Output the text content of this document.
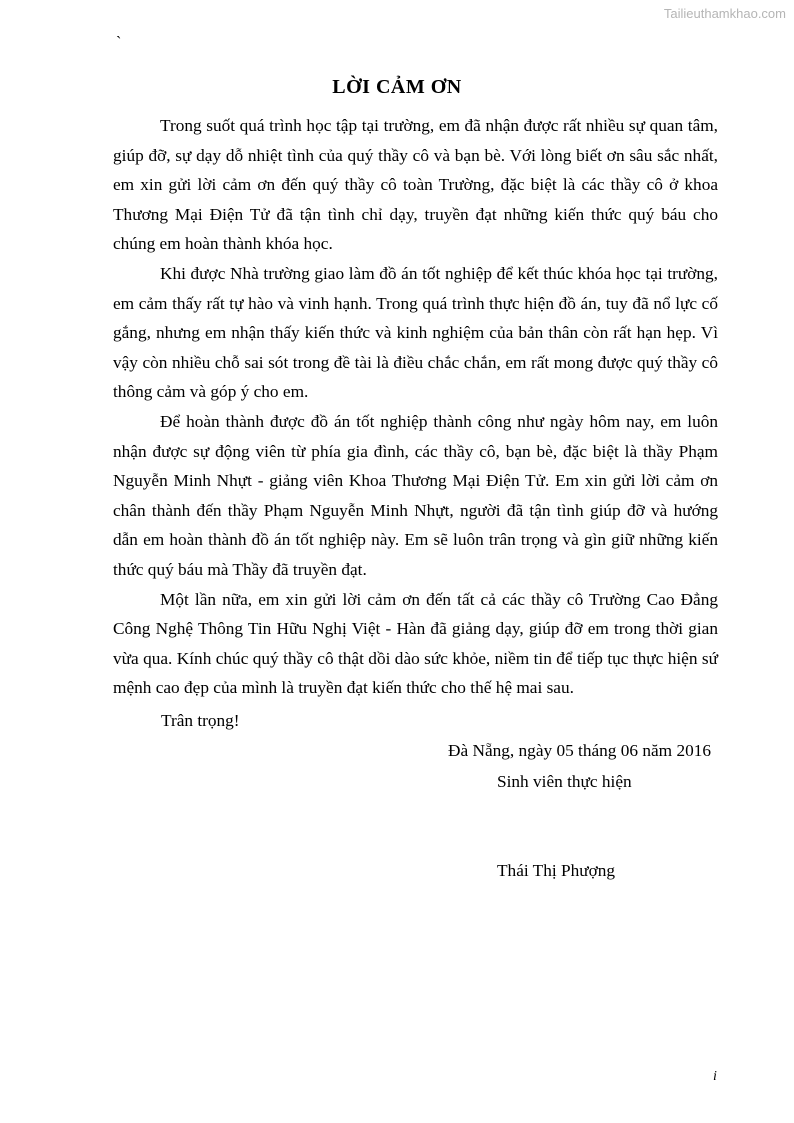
Tailieuthamkhao.com
`
LỜI CẢM ƠN

Trong suốt quá trình học tập tại trường, em đã nhận được rất nhiều sự quan tâm, giúp đỡ, sự dạy dỗ nhiệt tình của quý thầy cô và bạn bè. Với lòng biết ơn sâu sắc nhất, em xin gửi lời cảm ơn đến quý thầy cô toàn Trường, đặc biệt là các thầy cô ở khoa Thương Mại Điện Tử đã tận tình chỉ dạy, truyền đạt những kiến thức quý báu cho chúng em hoàn thành khóa học.

Khi được Nhà trường giao làm đồ án tốt nghiệp để kết thúc khóa học tại trường, em cảm thấy rất tự hào và vinh hạnh. Trong quá trình thực hiện đồ án, tuy đã nổ lực cố gắng, nhưng em nhận thấy kiến thức và kinh nghiệm của bản thân còn rất hạn hẹp. Vì vậy còn nhiều chỗ sai sót trong đề tài là điều chắc chắn, em rất mong được quý thầy cô thông cảm và góp ý cho em.

Để hoàn thành được đồ án tốt nghiệp thành công như ngày hôm nay, em luôn nhận được sự động viên từ phía gia đình, các thầy cô, bạn bè, đặc biệt là thầy Phạm Nguyễn Minh Nhựt - giảng viên Khoa Thương Mại Điện Tử. Em xin gửi lời cảm ơn chân thành đến thầy Phạm Nguyễn Minh Nhựt, người đã tận tình giúp đỡ và hướng dẫn em hoàn thành đồ án tốt nghiệp này. Em sẽ luôn trân trọng và gìn giữ những kiến thức quý báu mà Thầy đã truyền đạt.

Một lần nữa, em xin gửi lời cảm ơn đến tất cả các thầy cô Trường Cao Đẳng Công Nghệ Thông Tin Hữu Nghị Việt - Hàn đã giảng dạy, giúp đỡ em trong thời gian vừa qua. Kính chúc quý thầy cô thật dồi dào sức khỏe, niềm tin để tiếp tục thực hiện sứ mệnh cao đẹp của mình là truyền đạt kiến thức cho thế hệ mai sau.

Trân trọng!
Đà Nẵng, ngày 05 tháng 06 năm 2016
Sinh viên thực hiện
Thái Thị Phượng
i
